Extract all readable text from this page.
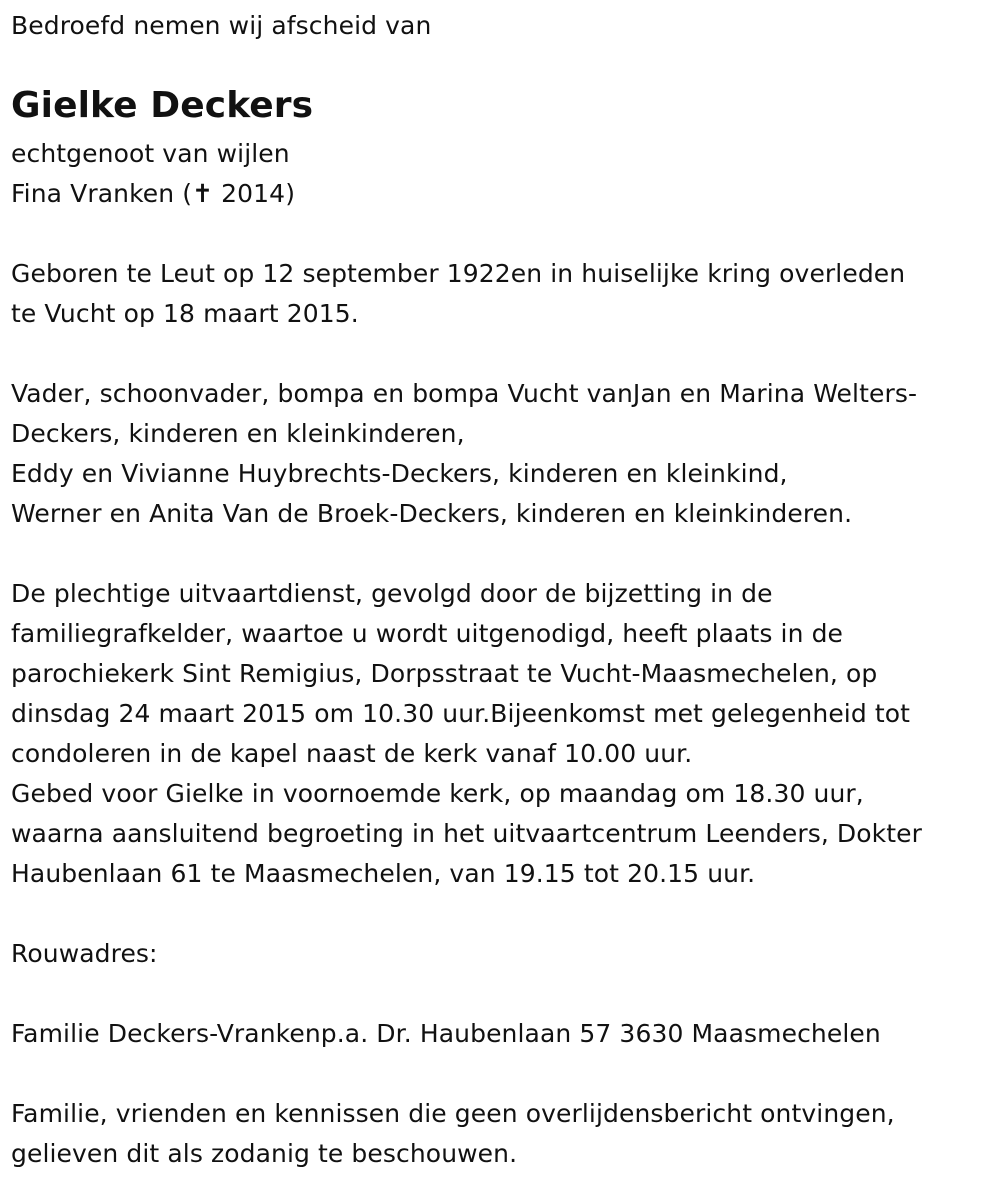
Bedroefd nemen wij afscheid van
Gielke Deckers
echtgenoot van wijlen
Fina Vranken (✝ 2014)
Geboren te Leut op 12 september 1922en in huiselijke kring overleden
te Vucht op 18 maart 2015.
Vader, schoonvader, bompa en bompa Vucht vanJan en Marina Welters-
Deckers, kinderen en kleinkinderen,
Eddy en Vivianne Huybrechts-Deckers, kinderen en kleinkind,
Werner en Anita Van de Broek-Deckers, kinderen en kleinkinderen.
De plechtige uitvaartdienst, gevolgd door de bijzetting in de
familiegrafkelder, waartoe u wordt uitgenodigd, heeft plaats in de
parochiekerk Sint Remigius, Dorpsstraat te Vucht-Maasmechelen, op
dinsdag 24 maart 2015 om 10.30 uur.Bijeenkomst met gelegenheid tot
condoleren in de kapel naast de kerk vanaf 10.00 uur.
Gebed voor Gielke in voornoemde kerk, op maandag om 18.30 uur,
waarna aansluitend begroeting in het uitvaartcentrum Leenders, Dokter
Haubenlaan 61 te Maasmechelen, van 19.15 tot 20.15 uur.
Rouwadres:
Familie Deckers-Vrankenp.a. Dr. Haubenlaan 57 3630 Maasmechelen
Familie, vrienden en kennissen die geen overlijdensbericht ontvingen,
gelieven dit als zodanig te beschouwen.
